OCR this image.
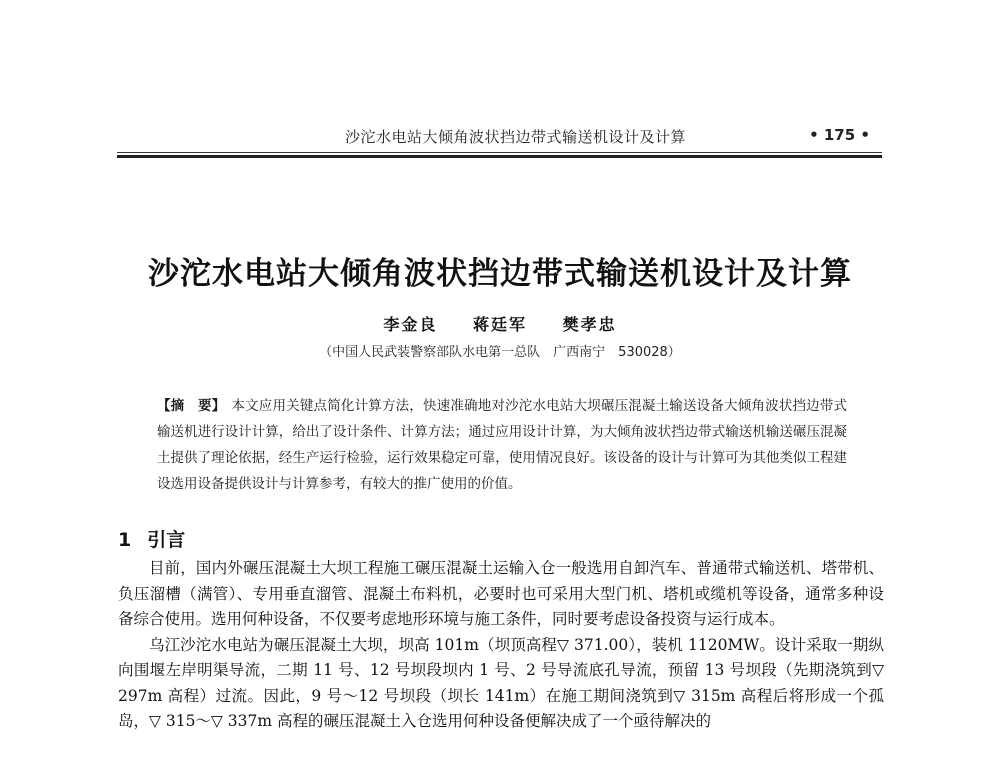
沙沱水电站大倾角波状挡边带式输送机设计及计算	• 175 •
沙沱水电站大倾角波状挡边带式输送机设计及计算
李金良 蒋廷军 樊孝忠
（中国人民武装警察部队水电第一总队　广西南宁　530028）
【摘　要】 本文应用关键点简化计算方法，快速准确地对沙沱水电站大坝碾压混凝土输送设备大倾角波状挡边带式输送机进行设计计算，给出了设计条件、计算方法；通过应用设计计算，为大倾角波状挡边带式输送机输送碾压混凝土提供了理论依据，经生产运行检验，运行效果稳定可靠，使用情况良好。该设备的设计与计算可为其他类似工程建设选用设备提供设计与计算参考，有较大的推广使用的价值。
1 引言

目前，国内外碾压混凝土大坝工程施工碾压混凝土运输入仓一般选用自卸汽车、普通带式输送机、塔带机、负压溜槽（满管）、专用垂直溜管、混凝土布料机，必要时也可采用大型门机、塔机或缆机等设备，通常多种设备综合使用。选用何种设备，不仅要考虑地形环境与施工条件，同时要考虑设备投资与运行成本。

乌江沙沱水电站为碾压混凝土大坝，坝高 101m（坝顶高程▽ 371.00），装机 1120MW。设计采取一期纵向围堰左岸明渠导流，二期 11 号、12 号坝段坝内 1 号、2 号导流底孔导流，预留 13 号坝段（先期浇筑到▽ 297m 高程）过流。因此，9 号～12 号坝段（坝长 141m）在施工期间浇筑到▽ 315m 高程后将形成一个孤岛，▽ 315～▽ 337m 高程的碾压混凝土入仓选用何种设备便解决成了一个亟待解决的
